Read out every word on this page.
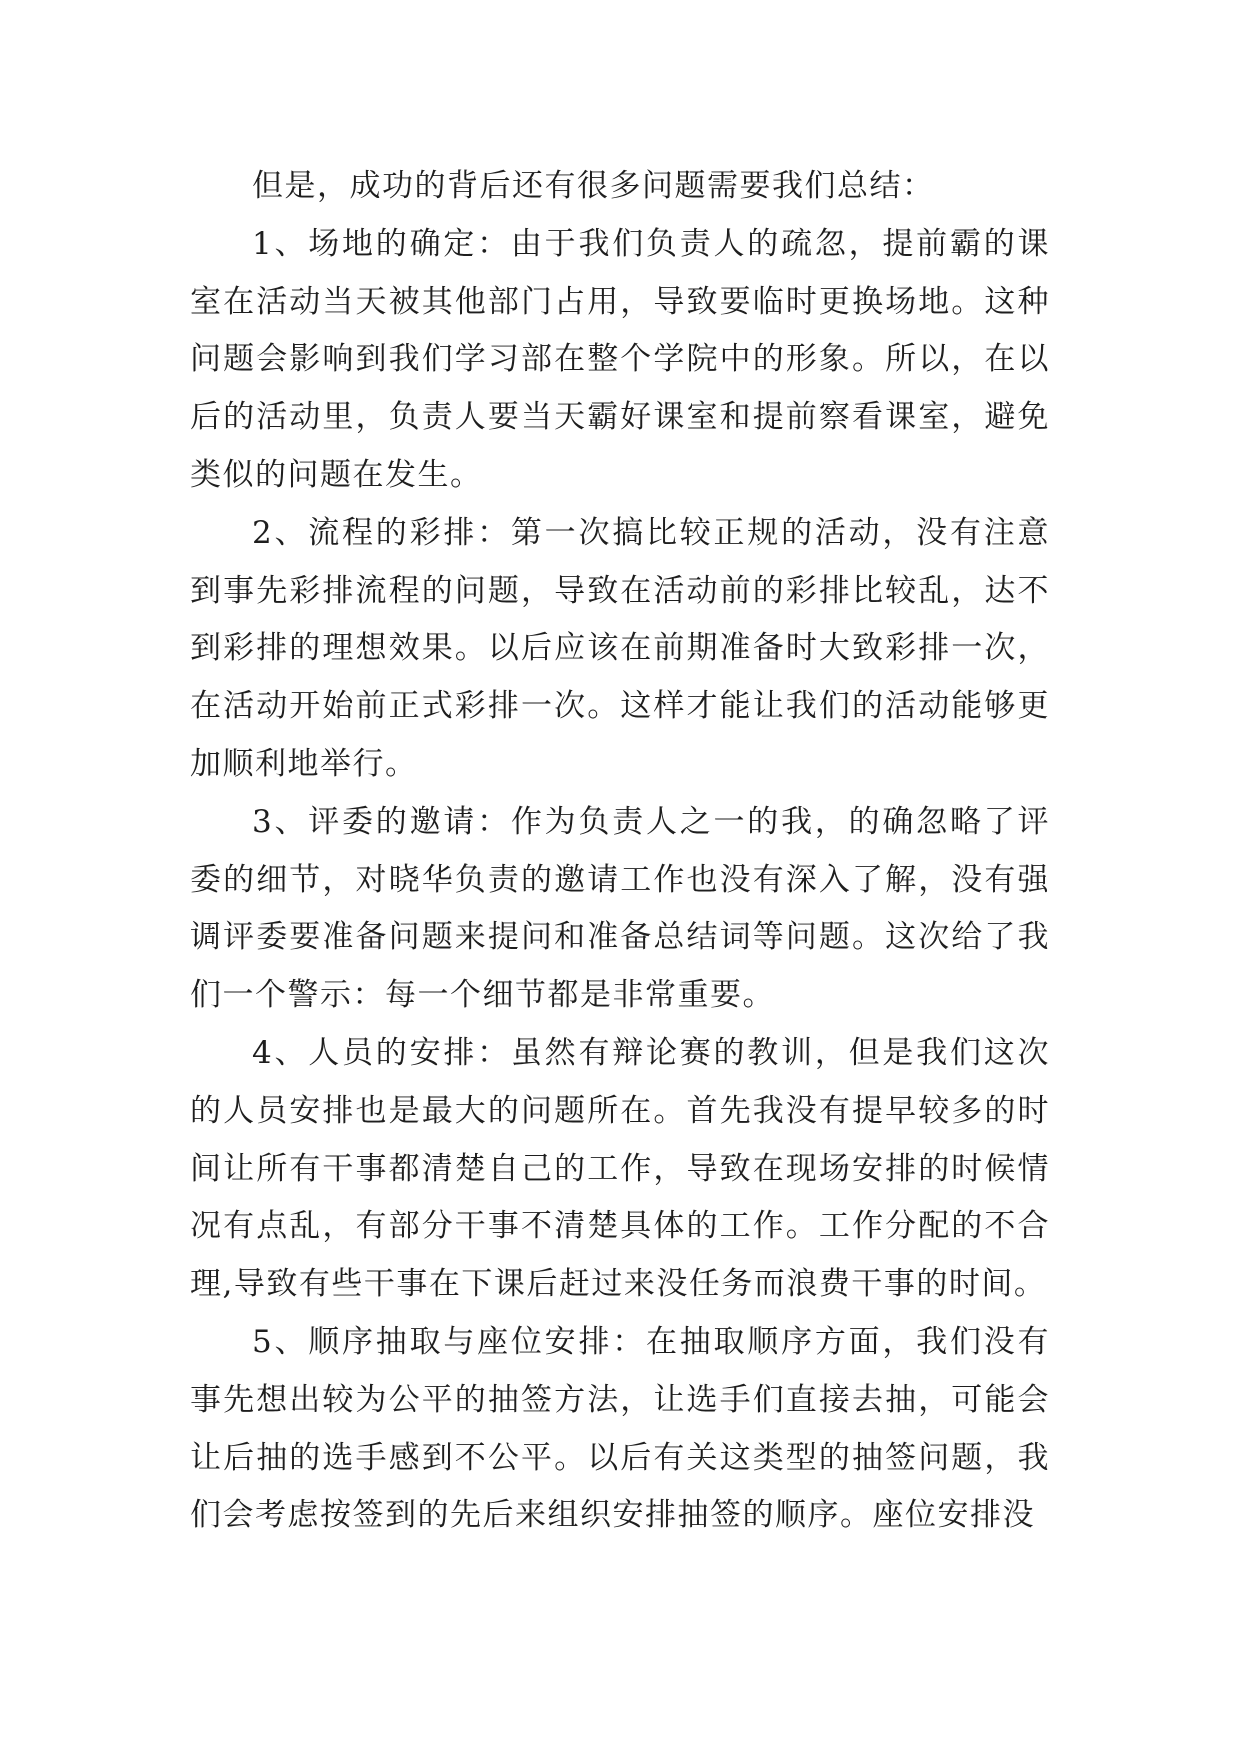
但是，成功的背后还有很多问题需要我们总结：

1、场地的确定：由于我们负责人的疏忽，提前霸的课室在活动当天被其他部门占用，导致要临时更换场地。这种问题会影响到我们学习部在整个学院中的形象。所以，在以后的活动里，负责人要当天霸好课室和提前察看课室，避免类似的问题在发生。

2、流程的彩排：第一次搞比较正规的活动，没有注意到事先彩排流程的问题，导致在活动前的彩排比较乱，达不到彩排的理想效果。以后应该在前期准备时大致彩排一次，在活动开始前正式彩排一次。这样才能让我们的活动能够更加顺利地举行。

3、评委的邀请：作为负责人之一的我，的确忽略了评委的细节，对晓华负责的邀请工作也没有深入了解，没有强调评委要准备问题来提问和准备总结词等问题。这次给了我们一个警示：每一个细节都是非常重要。

4、人员的安排：虽然有辩论赛的教训，但是我们这次的人员安排也是最大的问题所在。首先我没有提早较多的时间让所有干事都清楚自己的工作，导致在现场安排的时候情况有点乱，有部分干事不清楚具体的工作。工作分配的不合理,导致有些干事在下课后赶过来没任务而浪费干事的时间。

5、顺序抽取与座位安排：在抽取顺序方面，我们没有事先想出较为公平的抽签方法，让选手们直接去抽，可能会让后抽的选手感到不公平。以后有关这类型的抽签问题，我们会考虑按签到的先后来组织安排抽签的顺序。座位安排没
